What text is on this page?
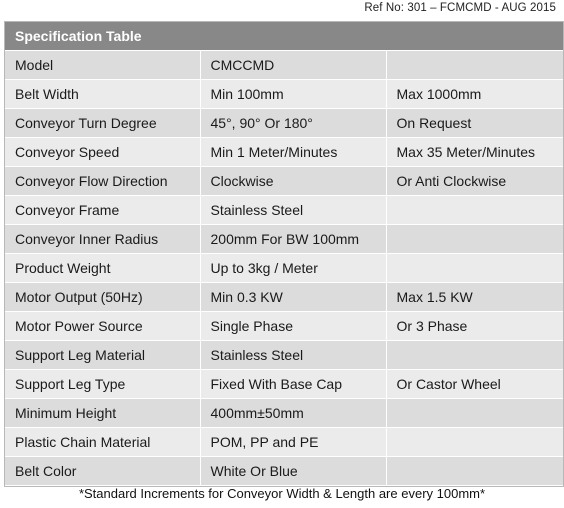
Ref No: 301 – FCMCMD - AUG 2015
Specification Table
Model	CMCCMD	
Belt Width	Min 100mm	Max 1000mm
Conveyor Turn Degree	45°, 90° Or 180°	On Request
Conveyor Speed	Min 1 Meter/Minutes	Max 35 Meter/Minutes
Conveyor Flow Direction	Clockwise	Or Anti Clockwise
Conveyor Frame	Stainless Steel	
Conveyor Inner Radius	200mm For BW 100mm	
Product Weight	Up to 3kg / Meter	
Motor Output (50Hz)	Min 0.3 KW	Max 1.5 KW
Motor Power Source	Single Phase	Or 3 Phase
Support Leg Material	Stainless Steel	
Support Leg Type	Fixed With Base Cap	Or Castor Wheel
Minimum Height	400mm±50mm	
Plastic Chain Material	POM, PP and PE	
Belt Color	White Or Blue	
*Standard Increments for Conveyor Width & Length are every 100mm*
